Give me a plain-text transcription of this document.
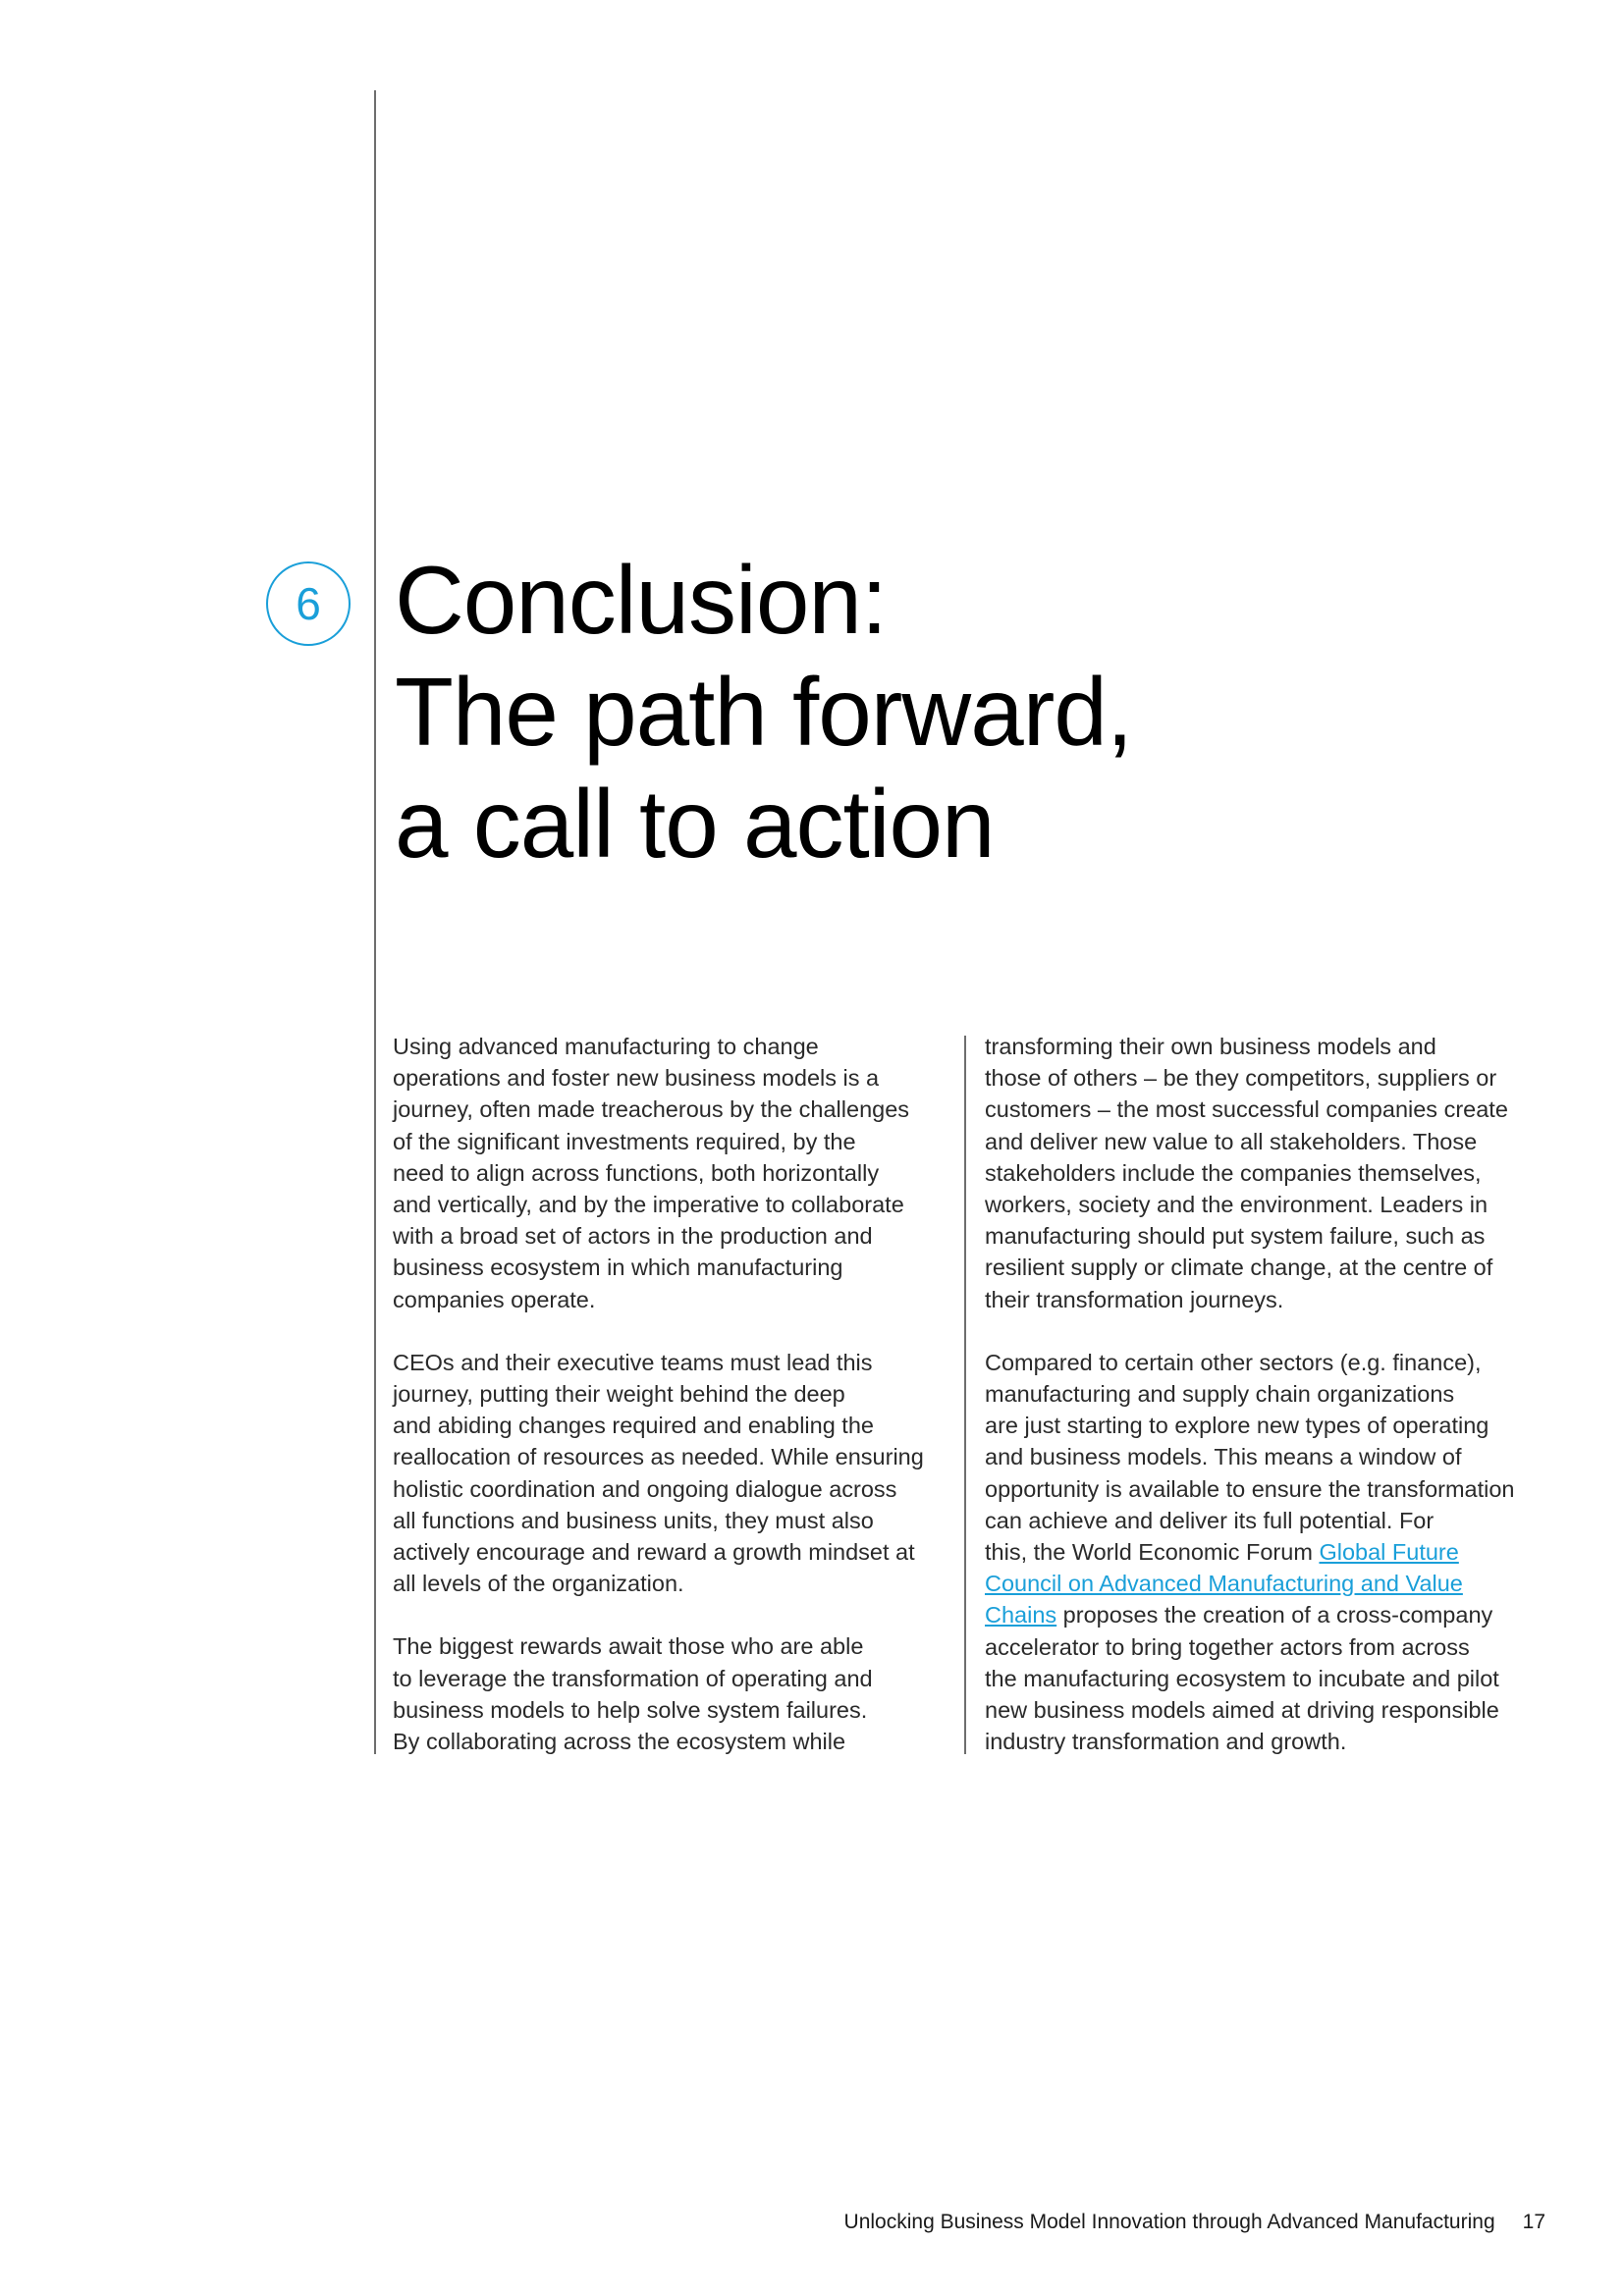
6 Conclusion:
The path forward,
a call to action

Using advanced manufacturing to change
operations and foster new business models is a
journey, often made treacherous by the challenges
of the significant investments required, by the
need to align across functions, both horizontally
and vertically, and by the imperative to collaborate
with a broad set of actors in the production and
business ecosystem in which manufacturing
companies operate.

CEOs and their executive teams must lead this
journey, putting their weight behind the deep
and abiding changes required and enabling the
reallocation of resources as needed. While ensuring
holistic coordination and ongoing dialogue across
all functions and business units, they must also
actively encourage and reward a growth mindset at
all levels of the organization.

The biggest rewards await those who are able
to leverage the transformation of operating and
business models to help solve system failures.
By collaborating across the ecosystem while

transforming their own business models and
those of others – be they competitors, suppliers or
customers – the most successful companies create
and deliver new value to all stakeholders. Those
stakeholders include the companies themselves,
workers, society and the environment. Leaders in
manufacturing should put system failure, such as
resilient supply or climate change, at the centre of
their transformation journeys.

Compared to certain other sectors (e.g. finance),
manufacturing and supply chain organizations
are just starting to explore new types of operating
and business models. This means a window of
opportunity is available to ensure the transformation
can achieve and deliver its full potential. For
this, the World Economic Forum Global Future
Council on Advanced Manufacturing and Value
Chains proposes the creation of a cross-company
accelerator to bring together actors from across
the manufacturing ecosystem to incubate and pilot
new business models aimed at driving responsible
industry transformation and growth.

Unlocking Business Model Innovation through Advanced Manufacturing 17
